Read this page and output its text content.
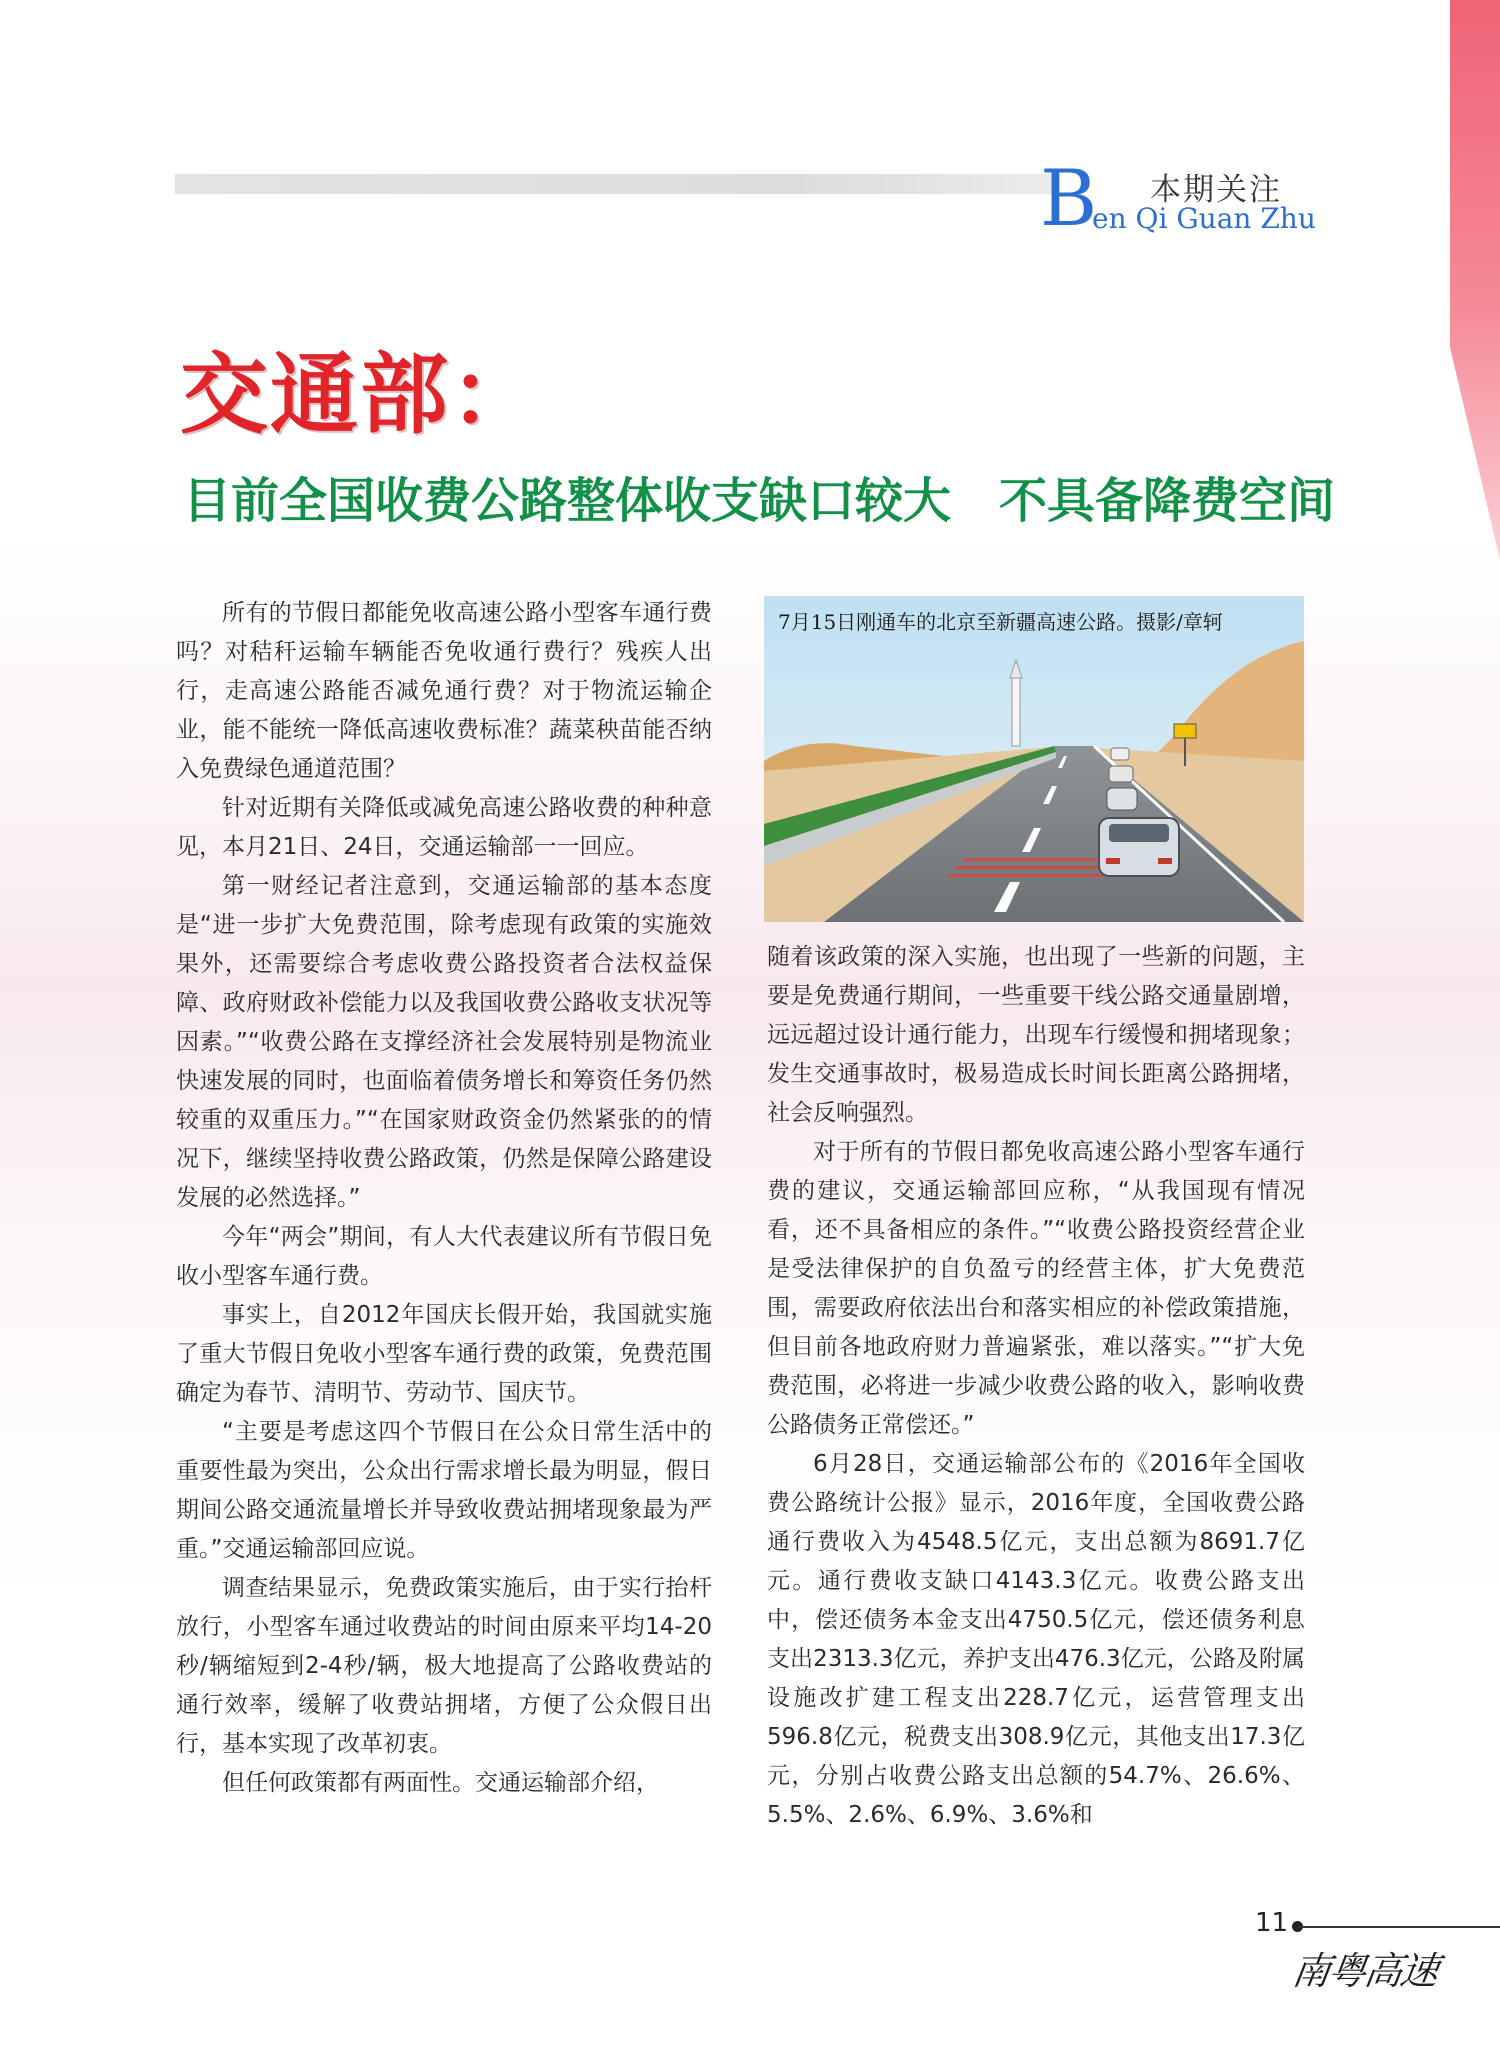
B 本期关注
en Qi Guan Zhu
交通部：
目前全国收费公路整体收支缺口较大　不具备降费空间

所有的节假日都能免收高速公路小型客车通行费吗？对秸秆运输车辆能否免收通行费行？残疾人出行，走高速公路能否减免通行费？对于物流运输企业，能不能统一降低高速收费标准？蔬菜秧苗能否纳入免费绿色通道范围？

针对近期有关降低或减免高速公路收费的种种意见，本月21日、24日，交通运输部一一回应。

第一财经记者注意到，交通运输部的基本态度是“进一步扩大免费范围，除考虑现有政策的实施效果外，还需要综合考虑收费公路投资者合法权益保障、政府财政补偿能力以及我国收费公路收支状况等因素。”“收费公路在支撑经济社会发展特别是物流业快速发展的同时，也面临着债务增长和筹资任务仍然较重的双重压力。”“在国家财政资金仍然紧张的的情况下，继续坚持收费公路政策，仍然是保障公路建设发展的必然选择。”

今年“两会”期间，有人大代表建议所有节假日免收小型客车通行费。

事实上，自2012年国庆长假开始，我国就实施了重大节假日免收小型客车通行费的政策，免费范围确定为春节、清明节、劳动节、国庆节。

“主要是考虑这四个节假日在公众日常生活中的重要性最为突出，公众出行需求增长最为明显，假日期间公路交通流量增长并导致收费站拥堵现象最为严重。”交通运输部回应说。

调查结果显示，免费政策实施后，由于实行抬杆放行，小型客车通过收费站的时间由原来平均14-20秒/辆缩短到2-4秒/辆，极大地提高了公路收费站的通行效率，缓解了收费站拥堵，方便了公众假日出行，基本实现了改革初衷。

但任何政策都有两面性。交通运输部介绍，

7月15日刚通车的北京至新疆高速公路。摄影/章轲

随着该政策的深入实施，也出现了一些新的问题，主要是免费通行期间，一些重要干线公路交通量剧增，远远超过设计通行能力，出现车行缓慢和拥堵现象；发生交通事故时，极易造成长时间长距离公路拥堵，社会反响强烈。

对于所有的节假日都免收高速公路小型客车通行费的建议，交通运输部回应称，“从我国现有情况看，还不具备相应的条件。”“收费公路投资经营企业是受法律保护的自负盈亏的经营主体，扩大免费范围，需要政府依法出台和落实相应的补偿政策措施，但目前各地政府财力普遍紧张，难以落实。”“扩大免费范围，必将进一步减少收费公路的收入，影响收费公路债务正常偿还。”

6月28日，交通运输部公布的《2016年全国收费公路统计公报》显示，2016年度，全国收费公路通行费收入为4548.5亿元，支出总额为8691.7亿元。通行费收支缺口4143.3亿元。收费公路支出中，偿还债务本金支出4750.5亿元，偿还债务利息支出2313.3亿元，养护支出476.3亿元，公路及附属设施改扩建工程支出228.7亿元，运营管理支出596.8亿元，税费支出308.9亿元，其他支出17.3亿元，分别占收费公路支出总额的54.7%、26.6%、5.5%、2.6%、6.9%、3.6%和

11
南粤高速
